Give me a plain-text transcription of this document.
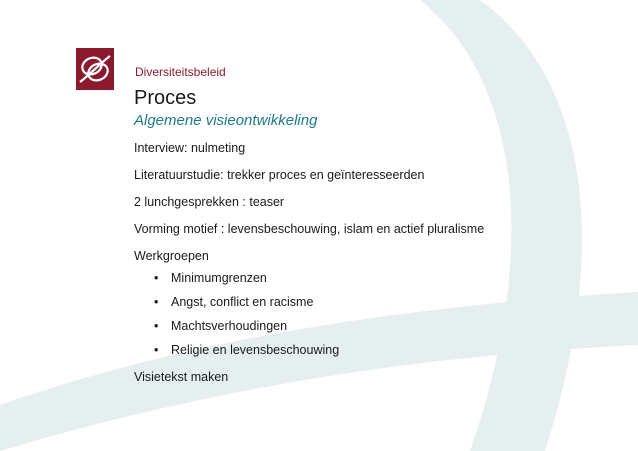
Diversiteitsbeleid
Proces
Algemene visieontwikkeling
Interview: nulmeting
Literatuurstudie: trekker proces en geïnteresseerden
2 lunchgesprekken : teaser
Vorming motief : levensbeschouwing, islam en actief pluralisme
Werkgroepen
• Minimumgrenzen
• Angst, conflict en racisme
• Machtsverhoudingen
• Religie en levensbeschouwing
Visietekst maken
